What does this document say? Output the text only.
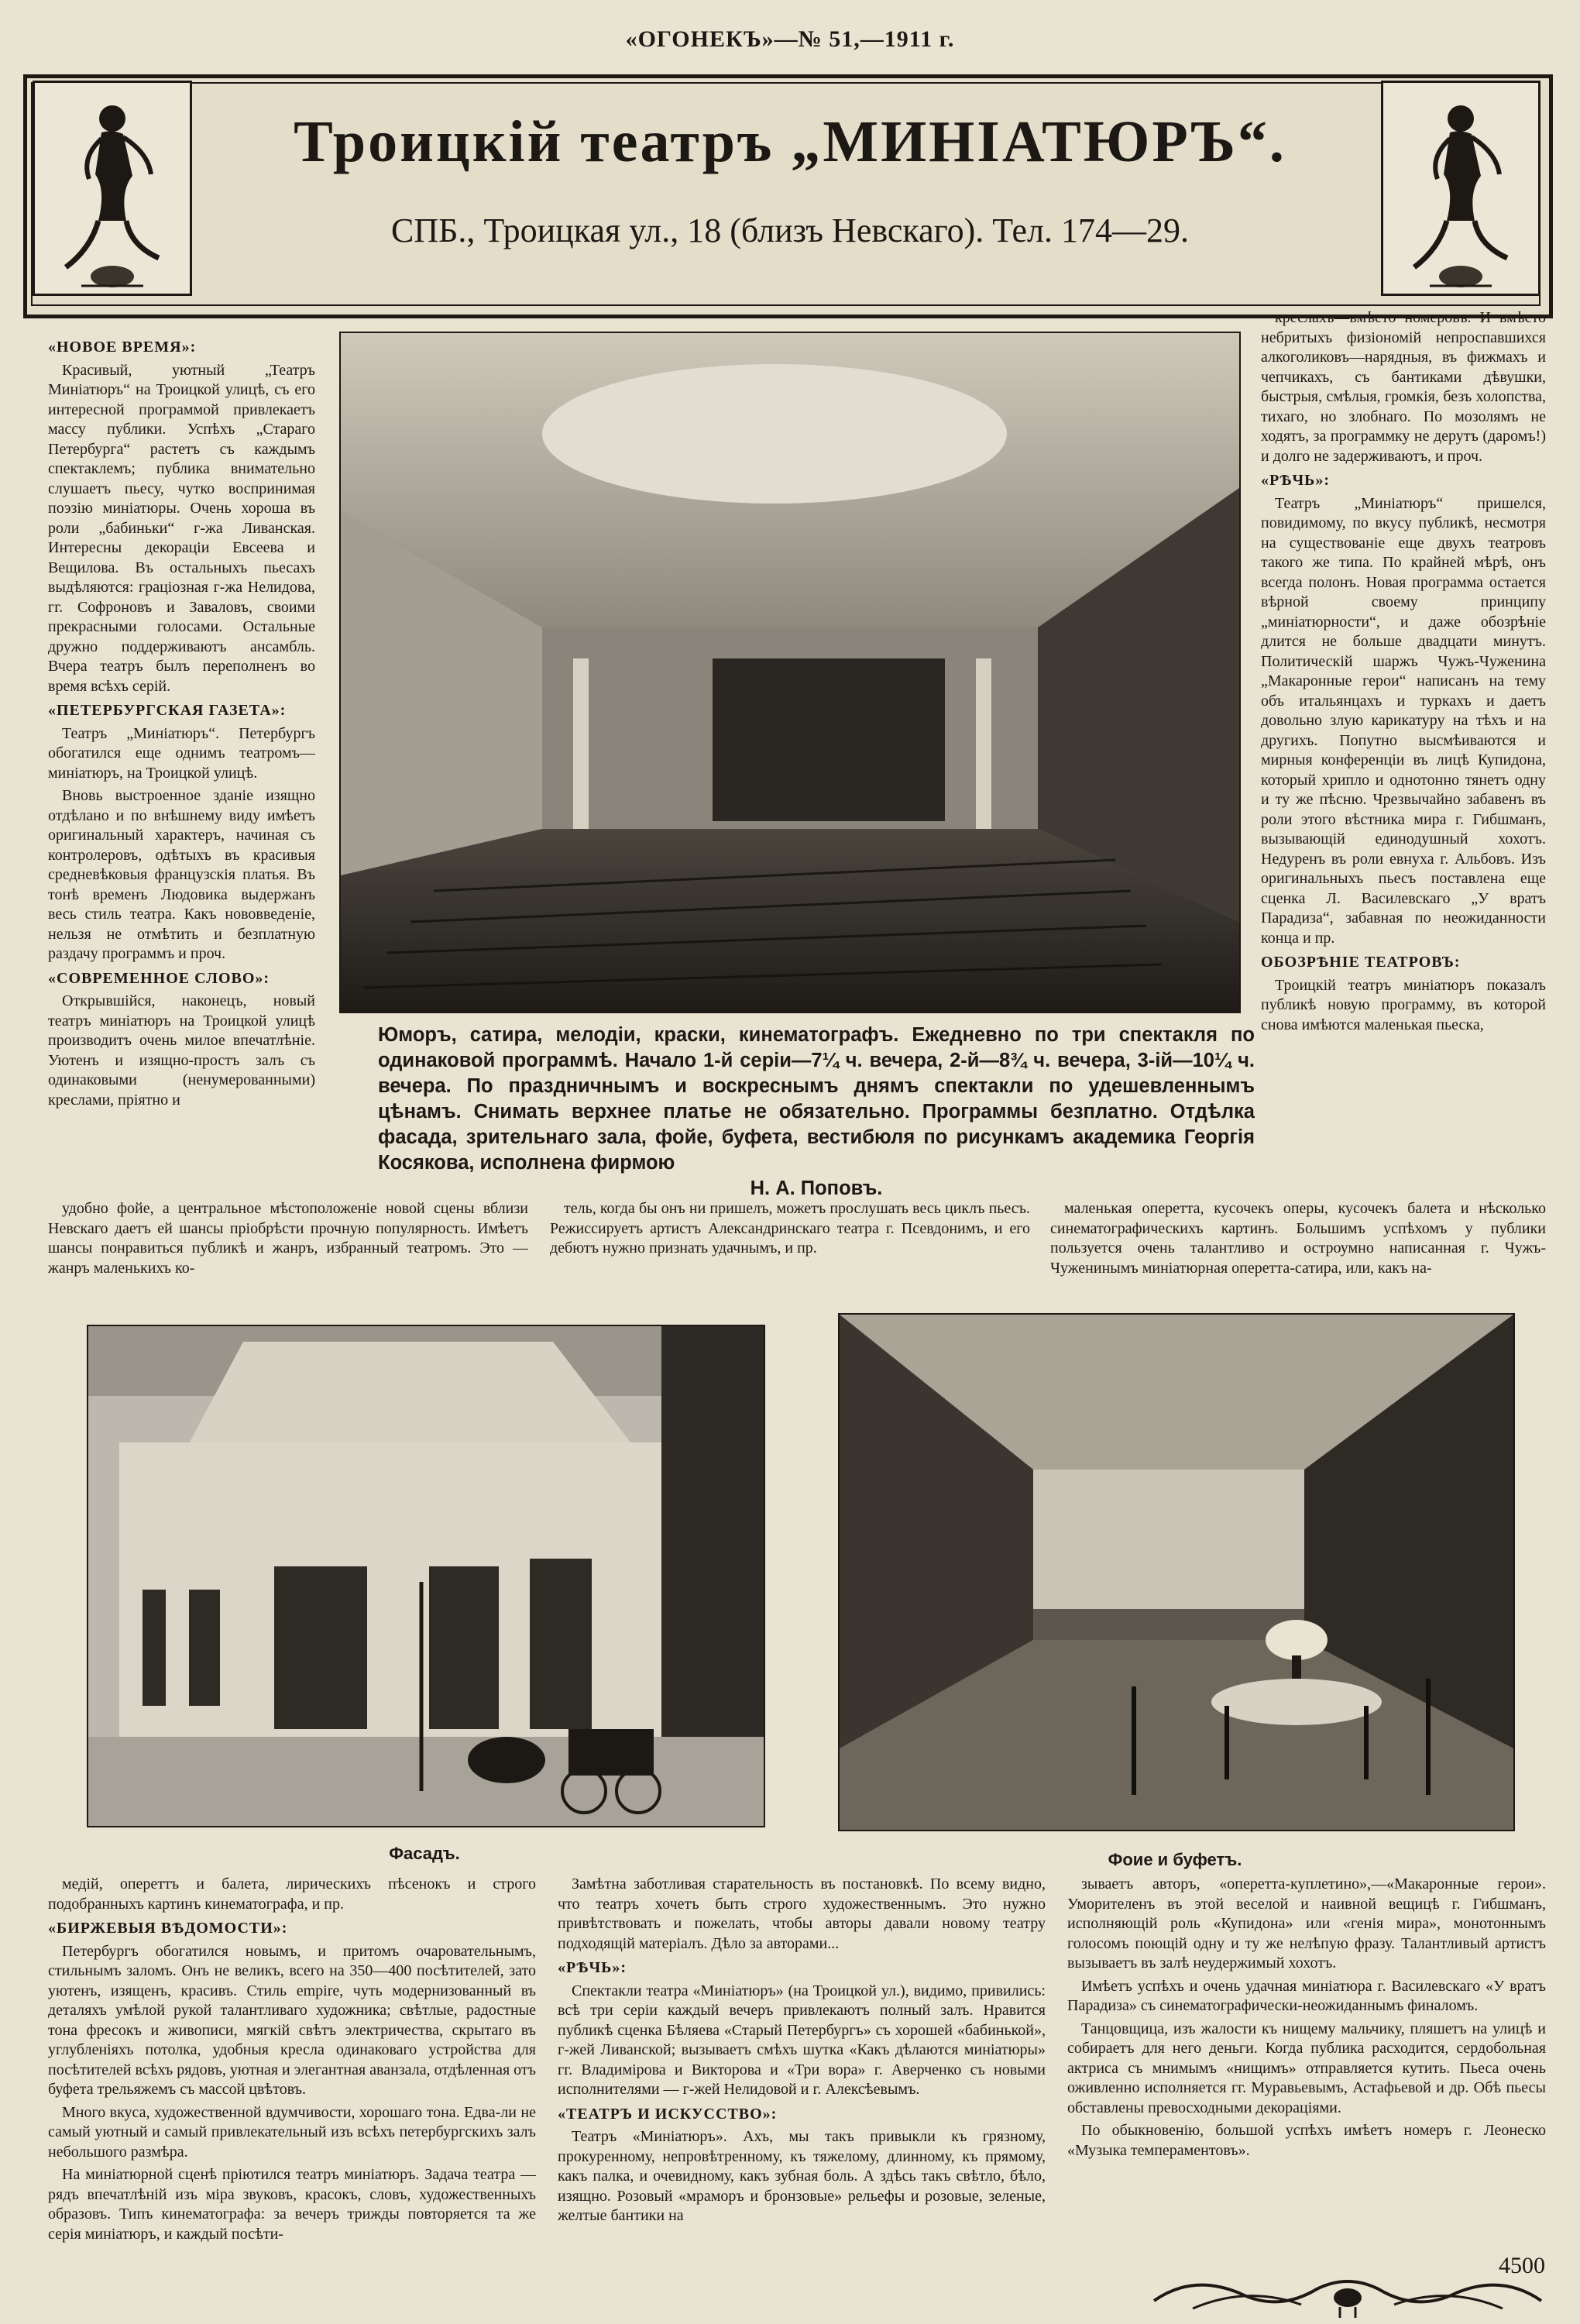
«ОГОНЕКЪ»—№ 51,—1911 г.
Троицкій театръ „МИНІАТЮРЪ“.
СПБ., Троицкая ул., 18 (близъ Невскаго). Тел. 174—29.

«НОВОЕ ВРЕМЯ»:

Красивый, уютный „Театръ Миніатюръ“ на Троицкой улицѣ, съ его интересной программой привлекаетъ массу публики. Успѣхъ „Стараго Петербурга“ растетъ съ каждымъ спектаклемъ; публика внимательно слушаетъ пьесу, чутко воспринимая поэзію миніатюры. Очень хороша въ роли „бабиньки“ г-жа Ливанская. Интересны декораціи Евсеева и Вещилова. Въ остальныхъ пьесахъ выдѣляются: граціозная г-жа Нелидова, гг. Софроновъ и Заваловъ, своими прекрасными голосами. Остальные дружно поддерживаютъ ансамбль. Вчера театръ былъ переполненъ во время всѣхъ серій.

«ПЕТЕРБУРГСКАЯ ГАЗЕТА»:

Театръ „Миніатюръ“. Петербургъ обогатился еще однимъ театромъ—миніатюръ, на Троицкой улицѣ.

Вновь выстроенное зданіе изящно отдѣлано и по внѣшнему виду имѣетъ оригинальный характеръ, начиная съ контролеровъ, одѣтыхъ въ красивыя средневѣковыя французскія платья. Въ тонѣ временъ Людовика выдержанъ весь стиль театра. Какъ нововведеніе, нельзя не отмѣтить и безплатную раздачу программъ и проч.

«СОВРЕМЕННОЕ СЛОВО»:

Открывшійся, наконецъ, новый театръ миніатюръ на Троицкой улицѣ производитъ очень милое впечатлѣніе. Уютенъ и изящно-простъ залъ съ одинаковыми (ненумерованными) креслами, пріятно и

креслахъ—вмѣсто номеровъ. И вмѣсто небритыхъ физіономій непроспавшихся алкоголиковъ—нарядныя, въ фижмахъ и чепчикахъ, съ бантиками дѣвушки, быстрыя, смѣлыя, громкія, безъ холопства, тихаго, но злобнаго. По мозолямъ не ходятъ, за программку не дерутъ (даромъ!) и долго не задерживаютъ, и проч.

«РѢЧЬ»:

Театръ „Миніатюръ“ пришелся, повидимому, по вкусу публикѣ, несмотря на существованіе еще двухъ театровъ такого же типа. По крайней мѣрѣ, онъ всегда полонъ. Новая программа остается вѣрной своему принципу „миніатюрности“, и даже обозрѣніе длится не больше двадцати минутъ. Политическій шаржъ Чужъ-Чуженина „Макаронные герои“ написанъ на тему объ итальянцахъ и туркахъ и даетъ довольно злую карикатуру на тѣхъ и на другихъ. Попутно высмѣиваются и мирныя конференціи въ лицѣ Купидона, который хрипло и однотонно тянетъ одну и ту же пѣсню. Чрезвычайно забавенъ въ роли этого вѣстника мира г. Гибшманъ, вызывающій единодушный хохотъ. Недуренъ въ роли евнуха г. Альбовъ. Изъ оригинальныхъ пьесъ поставлена еще сценка Л. Василевскаго „У вратъ Парадиза“, забавная по неожиданности конца и пр.

ОБОЗРѢНІЕ ТЕАТРОВЪ:

Троицкій театръ миніатюръ показалъ публикѣ новую программу, въ которой снова имѣются маленькая пьеска,

Юморъ, сатира, мелодіи, краски, кинематографъ. Ежедневно по три спектакля по одинаковой программѣ. Начало 1-й серіи—7¼ ч. вечера, 2-й—8¾ ч. вечера, 3-ій—10¼ ч. вечера. По праздничнымъ и воскреснымъ днямъ спектакли по удешевленнымъ цѣнамъ. Снимать верхнее платье не обязательно. Программы безплатно. Отдѣлка фасада, зрительнаго зала, фойе, буфета, вестибюля по рисункамъ академика Георгія Косякова, исполнена фирмою
Н. А. Поповъ.

удобно фойе, а центральное мѣстоположеніе новой сцены вблизи Невскаго даетъ ей шансы пріобрѣсти прочную популярность. Имѣетъ шансы понравиться публикѣ и жанръ, избранный театромъ. Это — жанръ маленькихъ ко-

тель, когда бы онъ ни пришелъ, можетъ прослушать весь циклъ пьесъ. Режиссируетъ артистъ Александринскаго театра г. Псевдонимъ, и его дебютъ нужно признать удачнымъ, и пр.

маленькая оперетта, кусочекъ оперы, кусочекъ балета и нѣсколько синематографическихъ картинъ. Большимъ успѣхомъ у публики пользуется очень талантливо и остроумно написанная г. Чужъ-Чуженинымъ миніатюрная оперетта-сатира, или, какъ на-

Фасадъ.	Фоие и буфетъ.

медій, опереттъ и балета, лирическихъ пѣсенокъ и строго подобранныхъ картинъ кинематографа, и пр.

«БИРЖЕВЫЯ ВѢДОМОСТИ»:

Петербургъ обогатился новымъ, и притомъ очаровательнымъ, стильнымъ заломъ. Онъ не великъ, всего на 350—400 посѣтителей, зато уютенъ, изященъ, красивъ. Стиль empire, чуть модернизованный въ деталяхъ умѣлой рукой талантливаго художника; свѣтлые, радостные тона фресокъ и живописи, мягкій свѣтъ электричества, скрытаго въ углубленіяхъ потолка, удобныя кресла одинаковаго устройства для посѣтителей всѣхъ рядовъ, уютная и элегантная аванзала, отдѣленная отъ буфета трельяжемъ съ массой цвѣтовъ.

Много вкуса, художественной вдумчивости, хорошаго тона. Едва-ли не самый уютный и самый привлекательный изъ всѣхъ петербургскихъ залъ небольшого размѣра.

На миніатюрной сценѣ пріютился театръ миніатюръ. Задача театра — рядъ впечатлѣній изъ міра звуковъ, красокъ, словъ, художественныхъ образовъ. Типъ кинематографа: за вечеръ трижды повторяется та же серія миніатюръ, и каждый посѣти-

Замѣтна заботливая старательность въ постановкѣ. По всему видно, что театръ хочетъ быть строго художественнымъ. Это нужно привѣтствовать и пожелать, чтобы авторы давали новому театру подходящій матеріалъ. Дѣло за авторами...

«РѢЧЬ»:

Спектакли театра «Миніатюръ» (на Троицкой ул.), видимо, привились: всѣ три серіи каждый вечеръ привлекаютъ полный залъ. Нравится публикѣ сценка Бѣляева «Старый Петербургъ» съ хорошей «бабинькой», г-жей Ливанской; вызываетъ смѣхъ шутка «Какъ дѣлаются миніатюры» гг. Владимірова и Викторова и «Три вора» г. Аверченко съ новыми исполнителями — г-жей Нелидовой и г. Алексѣевымъ.

«ТЕАТРЪ И ИСКУССТВО»:

Театръ «Миніатюръ». Ахъ, мы такъ привыкли къ грязному, прокуренному, непровѣтренному, къ тяжелому, длинному, къ прямому, какъ палка, и очевидному, какъ зубная боль. А здѣсь такъ свѣтло, бѣло, изящно. Розовый «мраморъ и бронзовые» рельефы и розовые, зеленые, желтые бантики на

зываетъ авторъ, «оперетта-куплетино»,—«Макаронные герои». Уморителенъ въ этой веселой и наивной вещицѣ г. Гибшманъ, исполняющій роль «Купидона» или «генія мира», монотоннымъ голосомъ поющій одну и ту же нелѣпую фразу. Талантливый артистъ вызываетъ въ залѣ неудержимый хохотъ.

Имѣетъ успѣхъ и очень удачная миніатюра г. Василевскаго «У вратъ Парадиза» съ синематографически-неожиданнымъ финаломъ.

Танцовщица, изъ жалости къ нищему мальчику, пляшетъ на улицѣ и собираетъ для него деньги. Когда публика расходится, сердобольная актриса съ мнимымъ «нищимъ» отправляется кутить. Пьеса очень оживленно исполняется гг. Муравьевымъ, Астафьевой и др. Обѣ пьесы обставлены превосходными декораціями.

По обыкновенію, большой успѣхъ имѣетъ номеръ г. Леонеско «Музыка темпераментовъ».

4500
